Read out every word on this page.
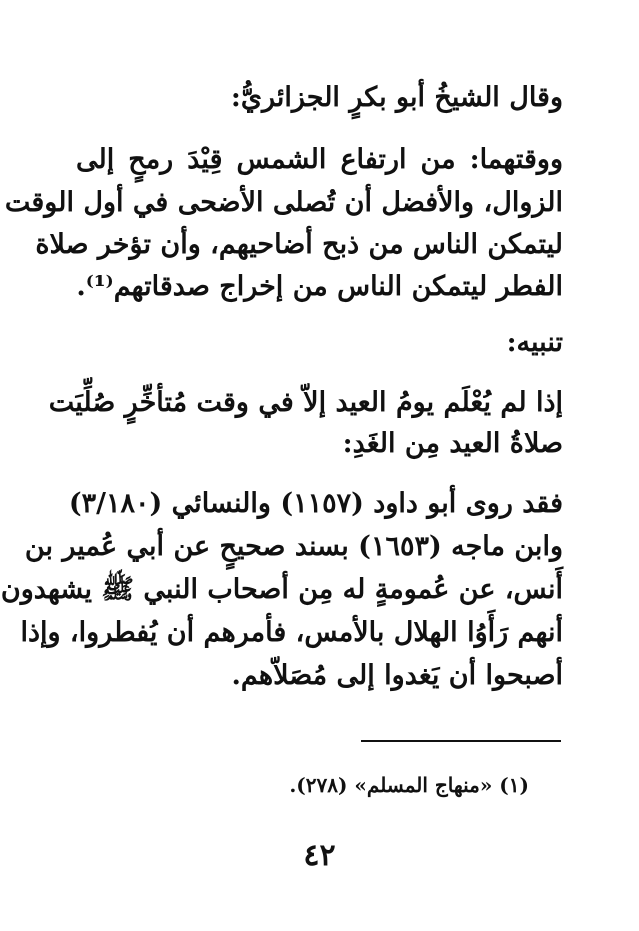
وقال الشيخُ أبو بكرٍ الجزائريُّ:
ووقتهما: من ارتفاع الشمس قِيْدَ رمحٍ إلى
الزوال، والأفضل أن تُصلى الأضحى في أول الوقت
ليتمكن الناس من ذبح أضاحيهم، وأن تؤخر صلاة
الفطر ليتمكن الناس من إخراج صدقاتهم⁽¹⁾.
تنبيه:
إذا لم يُعْلَم يومُ العيد إلاّ في وقت مُتأخِّرٍ صُلِّيَت
صلاةُ العيد مِن الغَدِ:
فقد روى أبو داود (١١٥٧) والنسائي (٣/١٨٠)
وابن ماجه (١٦٥٣) بسند صحيحٍ عن أبي عُمير بن
أَنس، عن عُمومةٍ له مِن أصحاب النبي ﷺ يشهدون
أنهم رَأَوُا الهلال بالأمس، فأمرهم أن يُفطروا، وإذا
أصبحوا أن يَغدوا إلى مُصَلاّهم.
(١) «منهاج المسلم» (٢٧٨).
٤٢
